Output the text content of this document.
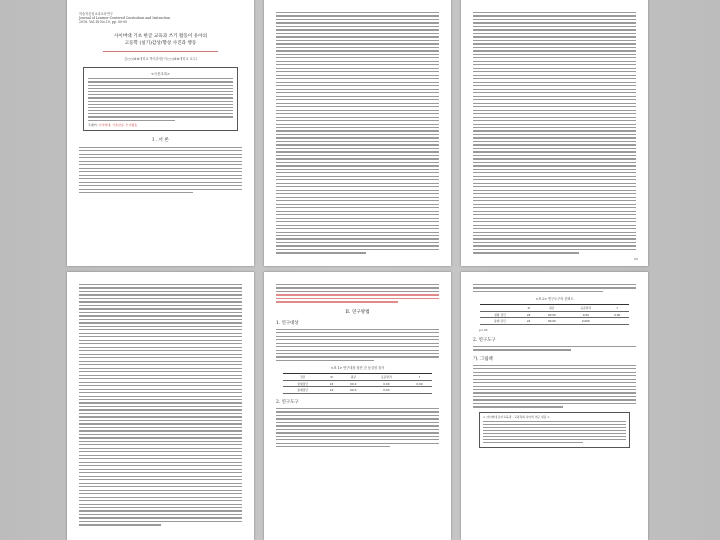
학습자중심교과교육연구
Journal of Learner-Centered Curriculum and Instruction
2018. Vol.18 No.10, pp. 00-00
사이버대 기초 한글 교육과 쓰기 활동이 유아의
고등학 (실기)감상/향상 사진과 행동
김○○(##대학교 박사과정)·이○○(##대학교 교수)
<국문초록>
주제어: 사이버대, 기초한글, 쓰기활동
I . 서 론
00
II. 연구방법
1. 연구대상
<표 1> 연구대상 집단 간 동질성 검사
집단	N	평균	표준편차	t
실험집단	24	00.0	0.00	0.00
통제집단	24	00.0	0.00	
2. 연구도구
<표 2> 연구도구의 신뢰도
	N	평균	표준편차	t
실험 집단	24	00.00	0.00	0.00
통제 집단	24	00.00	0.000	
p<.05
2. 연구도구
가. 그림책
< 사이버대 유아교육과 - 교과목의 사이버 연구 내용 >
